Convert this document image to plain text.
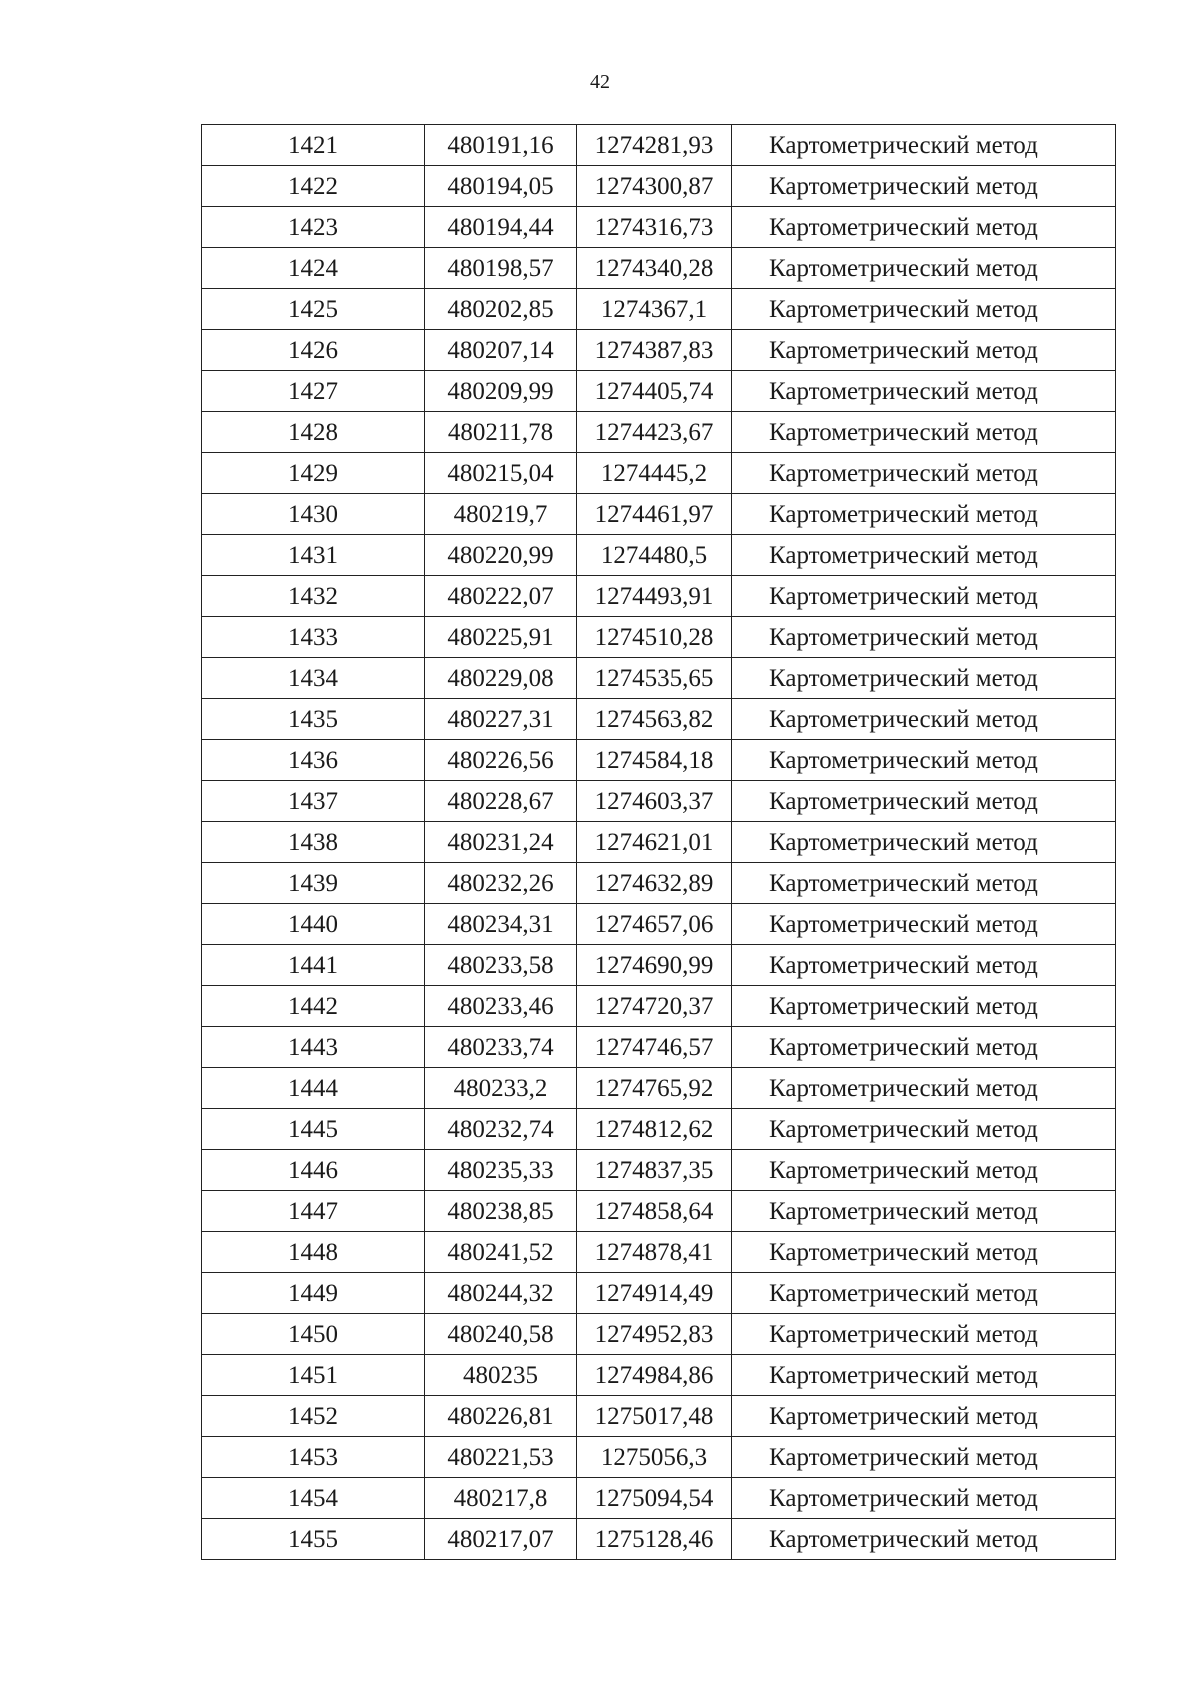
42
1421	480191,16	1274281,93	Картометрический метод
1422	480194,05	1274300,87	Картометрический метод
1423	480194,44	1274316,73	Картометрический метод
1424	480198,57	1274340,28	Картометрический метод
1425	480202,85	1274367,1	Картометрический метод
1426	480207,14	1274387,83	Картометрический метод
1427	480209,99	1274405,74	Картометрический метод
1428	480211,78	1274423,67	Картометрический метод
1429	480215,04	1274445,2	Картометрический метод
1430	480219,7	1274461,97	Картометрический метод
1431	480220,99	1274480,5	Картометрический метод
1432	480222,07	1274493,91	Картометрический метод
1433	480225,91	1274510,28	Картометрический метод
1434	480229,08	1274535,65	Картометрический метод
1435	480227,31	1274563,82	Картометрический метод
1436	480226,56	1274584,18	Картометрический метод
1437	480228,67	1274603,37	Картометрический метод
1438	480231,24	1274621,01	Картометрический метод
1439	480232,26	1274632,89	Картометрический метод
1440	480234,31	1274657,06	Картометрический метод
1441	480233,58	1274690,99	Картометрический метод
1442	480233,46	1274720,37	Картометрический метод
1443	480233,74	1274746,57	Картометрический метод
1444	480233,2	1274765,92	Картометрический метод
1445	480232,74	1274812,62	Картометрический метод
1446	480235,33	1274837,35	Картометрический метод
1447	480238,85	1274858,64	Картометрический метод
1448	480241,52	1274878,41	Картометрический метод
1449	480244,32	1274914,49	Картометрический метод
1450	480240,58	1274952,83	Картометрический метод
1451	480235	1274984,86	Картометрический метод
1452	480226,81	1275017,48	Картометрический метод
1453	480221,53	1275056,3	Картометрический метод
1454	480217,8	1275094,54	Картометрический метод
1455	480217,07	1275128,46	Картометрический метод
